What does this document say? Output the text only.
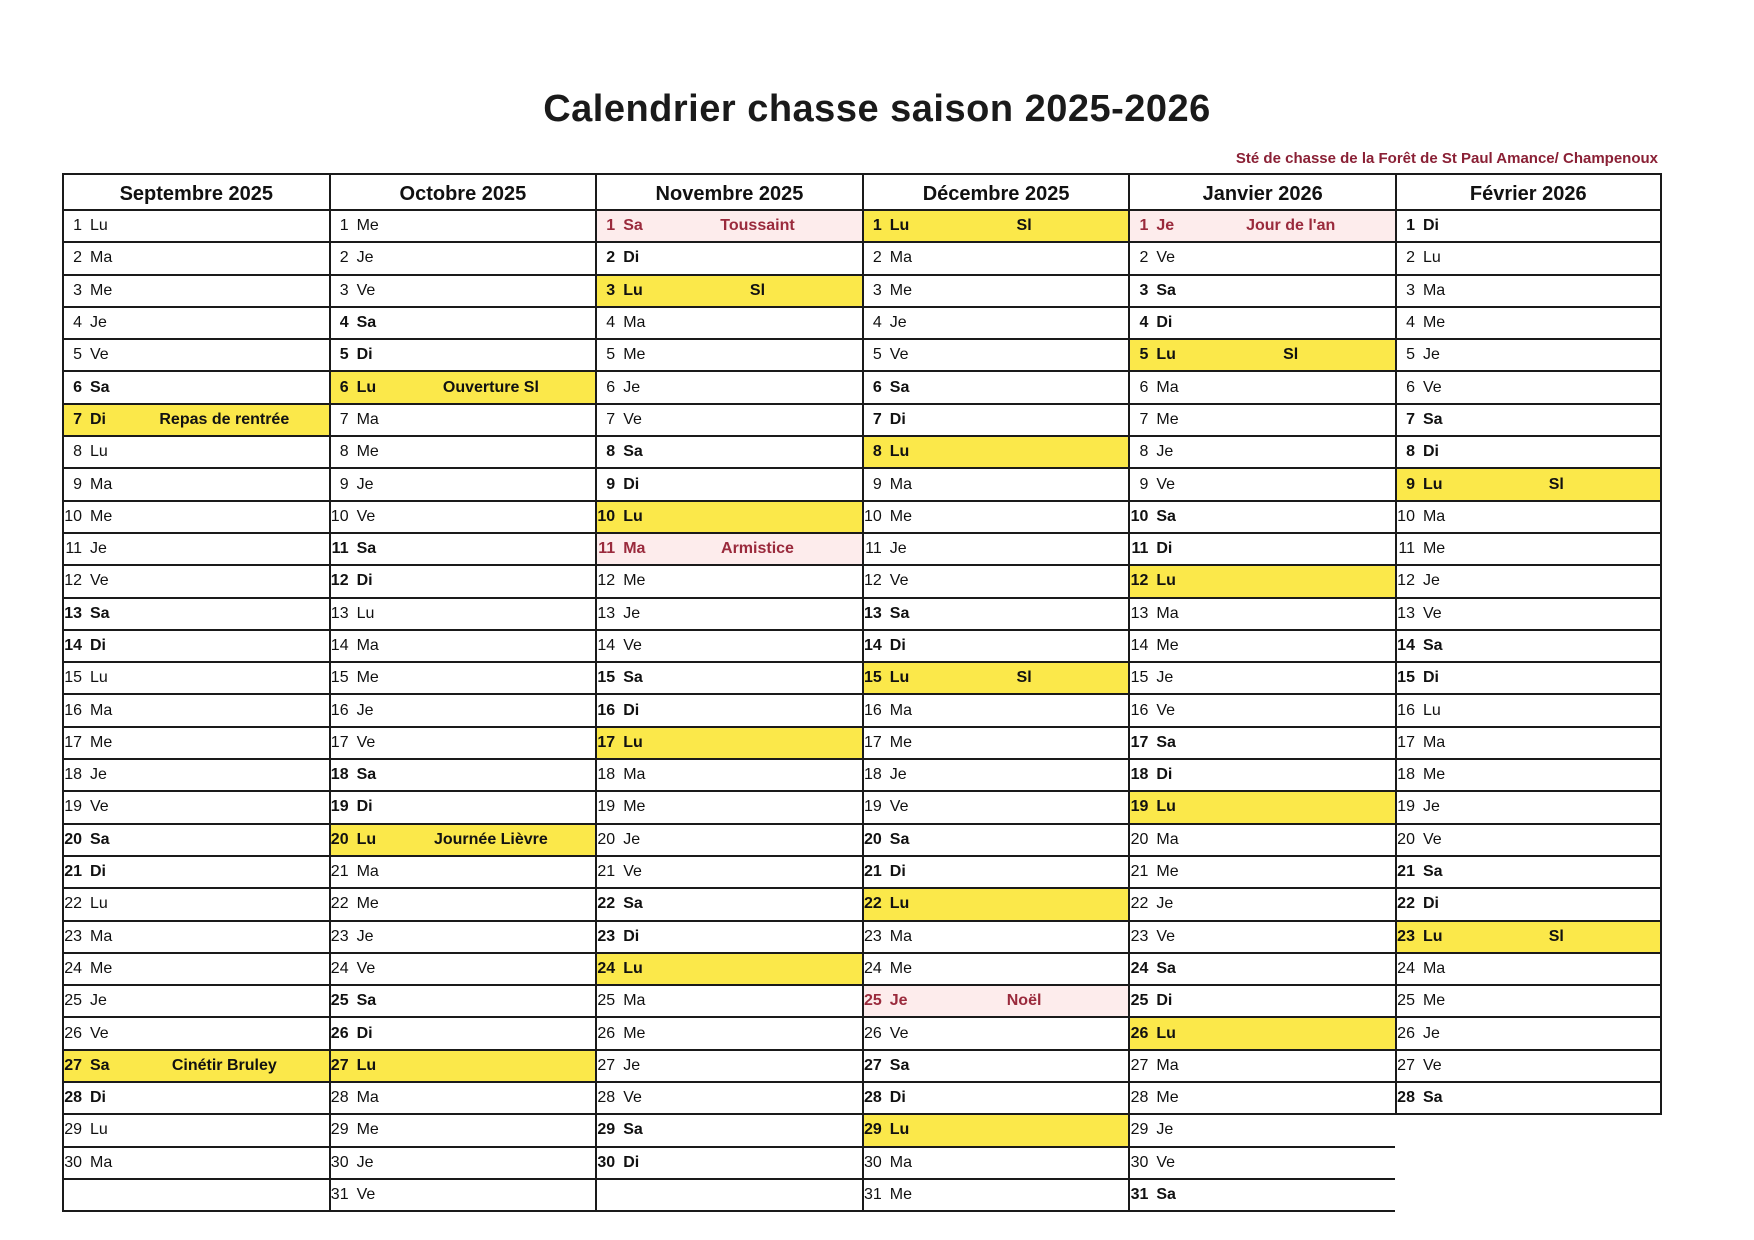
Calendrier chasse saison 2025-2026
Sté de chasse de la Forêt de St Paul Amance/ Champenoux
Septembre 2025
1 Lu
2 Ma
3 Me
4 Je
5 Ve
6 Sa
7 Di	Repas de rentrée
8 Lu
9 Ma
10 Me
11 Je
12 Ve
13 Sa
14 Di
15 Lu
16 Ma
17 Me
18 Je
19 Ve
20 Sa
21 Di
22 Lu
23 Ma
24 Me
25 Je
26 Ve
27 Sa	Cinétir Bruley
28 Di
29 Lu
30 Ma
Octobre 2025
1 Me
2 Je
3 Ve
4 Sa
5 Di
6 Lu	Ouverture Sl
7 Ma
8 Me
9 Je
10 Ve
11 Sa
12 Di
13 Lu
14 Ma
15 Me
16 Je
17 Ve
18 Sa
19 Di
20 Lu	Journée Lièvre
21 Ma
22 Me
23 Je
24 Ve
25 Sa
26 Di
27 Lu
28 Ma
29 Me
30 Je
31 Ve
Novembre 2025
1 Sa	Toussaint
2 Di
3 Lu	Sl
4 Ma
5 Me
6 Je
7 Ve
8 Sa
9 Di
10 Lu
11 Ma	Armistice
12 Me
13 Je
14 Ve
15 Sa
16 Di
17 Lu
18 Ma
19 Me
20 Je
21 Ve
22 Sa
23 Di
24 Lu
25 Ma
26 Me
27 Je
28 Ve
29 Sa
30 Di
Décembre 2025
1 Lu	Sl
2 Ma
3 Me
4 Je
5 Ve
6 Sa
7 Di
8 Lu
9 Ma
10 Me
11 Je
12 Ve
13 Sa
14 Di
15 Lu	Sl
16 Ma
17 Me
18 Je
19 Ve
20 Sa
21 Di
22 Lu
23 Ma
24 Me
25 Je	Noël
26 Ve
27 Sa
28 Di
29 Lu
30 Ma
31 Me
Janvier 2026
1 Je	Jour de l'an
2 Ve
3 Sa
4 Di
5 Lu	Sl
6 Ma
7 Me
8 Je
9 Ve
10 Sa
11 Di
12 Lu
13 Ma
14 Me
15 Je
16 Ve
17 Sa
18 Di
19 Lu
20 Ma
21 Me
22 Je
23 Ve
24 Sa
25 Di
26 Lu
27 Ma
28 Me
29 Je
30 Ve
31 Sa
Février 2026
1 Di
2 Lu
3 Ma
4 Me
5 Je
6 Ve
7 Sa
8 Di
9 Lu	Sl
10 Ma
11 Me
12 Je
13 Ve
14 Sa
15 Di
16 Lu
17 Ma
18 Me
19 Je
20 Ve
21 Sa
22 Di
23 Lu	Sl
24 Ma
25 Me
26 Je
27 Ve
28 Sa
